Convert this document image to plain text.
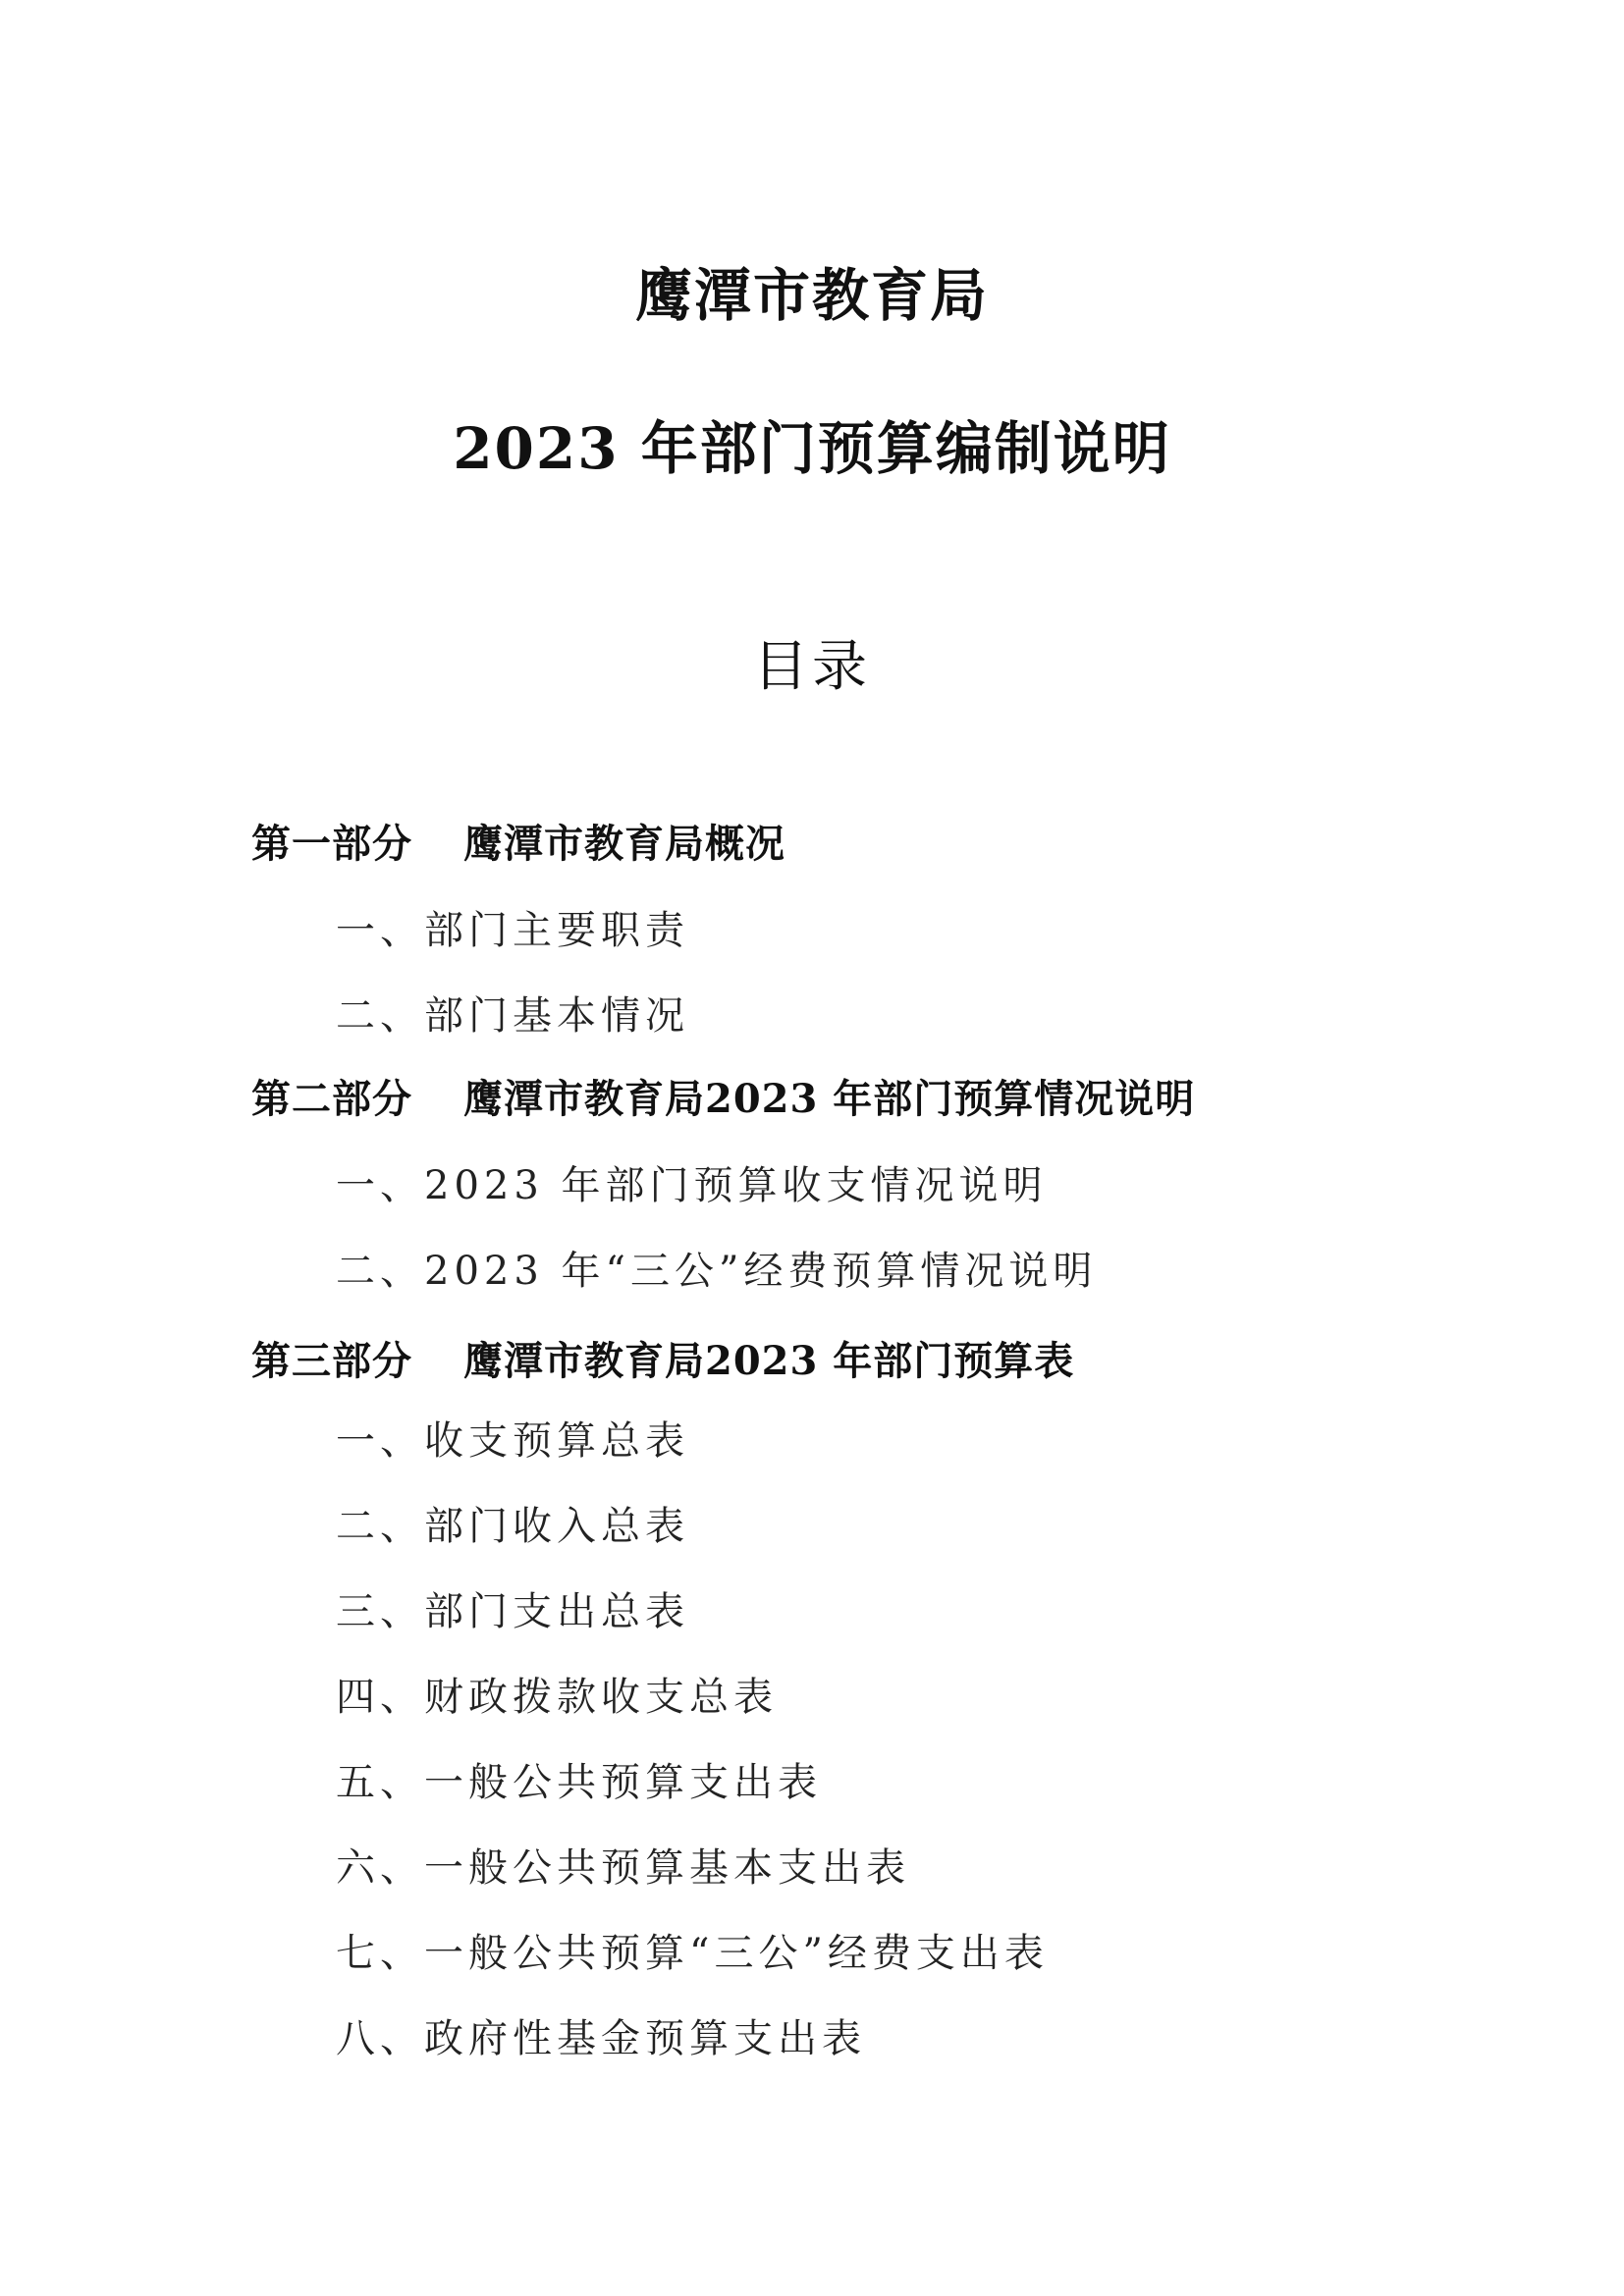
鹰潭市教育局
2023 年部门预算编制说明
目录
第一部分 鹰潭市教育局概况
一、部门主要职责
二、部门基本情况
第二部分 鹰潭市教育局2023 年部门预算情况说明
一、2023 年部门预算收支情况说明
二、2023 年“三公”经费预算情况说明
第三部分 鹰潭市教育局2023 年部门预算表
一、收支预算总表
二、部门收入总表
三、部门支出总表
四、财政拨款收支总表
五、一般公共预算支出表
六、一般公共预算基本支出表
七、一般公共预算“三公”经费支出表
八、政府性基金预算支出表
